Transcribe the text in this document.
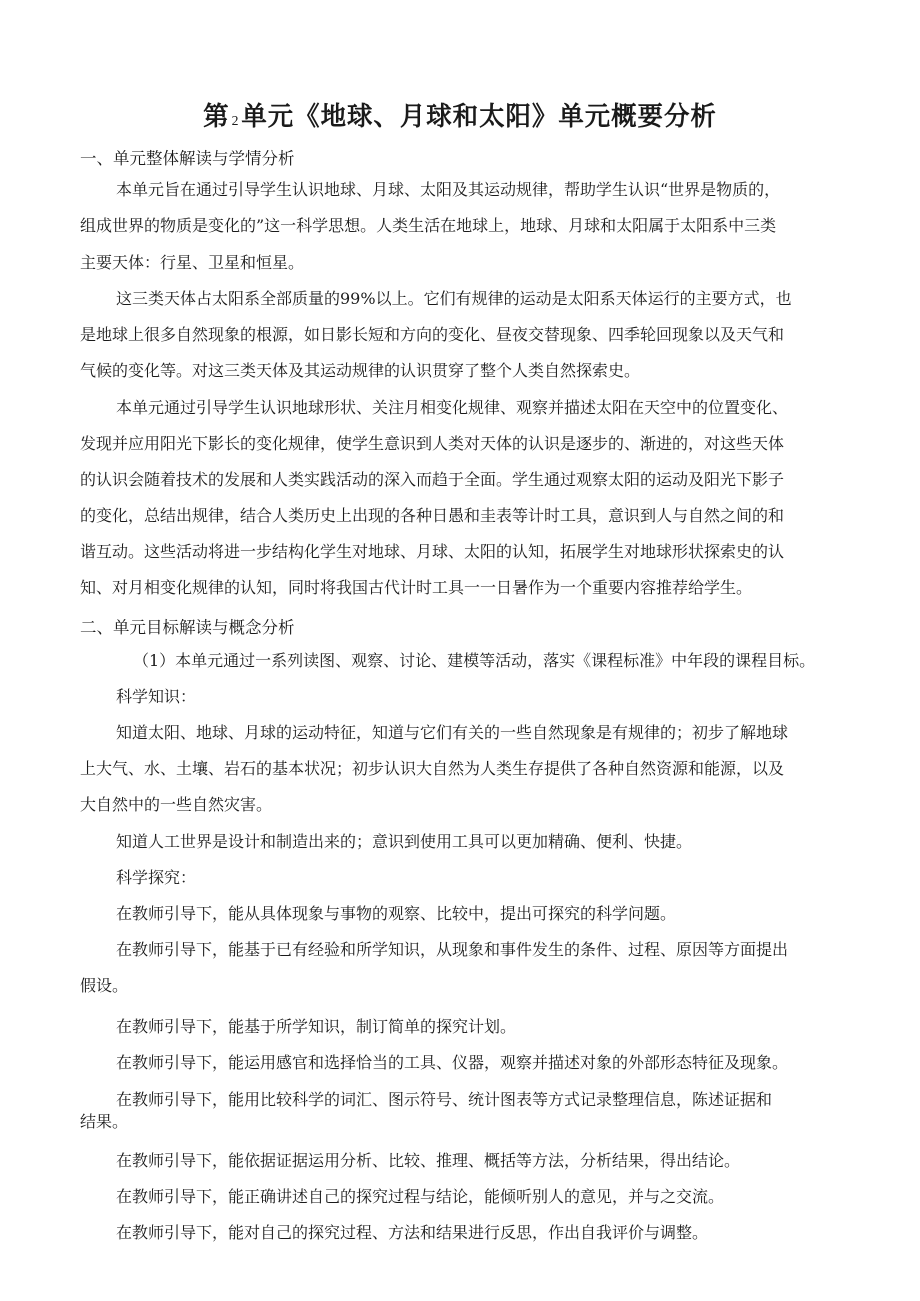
第 2单元《地球、月球和太阳》单元概要分析
一、单元整体解读与学情分析
本单元旨在通过引导学生认识地球、月球、太阳及其运动规律，帮助学生认识“世界是物质的，
组成世界的物质是变化的”这一科学思想。人类生活在地球上，地球、月球和太阳属于太阳系中三类
主要天体：行星、卫星和恒星。
这三类天体占太阳系全部质量的99%以上。它们有规律的运动是太阳系天体运行的主要方式，也
是地球上很多自然现象的根源，如日影长短和方向的变化、昼夜交替现象、四季轮回现象以及天气和
气候的变化等。对这三类天体及其运动规律的认识贯穿了整个人类自然探索史。
本单元通过引导学生认识地球形状、关注月相变化规律、观察并描述太阳在天空中的位置变化、
发现并应用阳光下影长的变化规律，使学生意识到人类对天体的认识是逐步的、渐进的，对这些天体
的认识会随着技术的发展和人类实践活动的深入而趋于全面。学生通过观察太阳的运动及阳光下影子
的变化，总结出规律，结合人类历史上出现的各种日愚和圭表等计时工具，意识到人与自然之间的和
谐互动。这些活动将进一步结构化学生对地球、月球、太阳的认知，拓展学生对地球形状探索史的认
知、对月相变化规律的认知，同时将我国古代计时工具一一日暑作为一个重要内容推荐给学生。
二、单元目标解读与概念分析
（1）本单元通过一系列读图、观察、讨论、建模等活动，落实《课程标准》中年段的课程目标。
科学知识：
知道太阳、地球、月球的运动特征，知道与它们有关的一些自然现象是有规律的；初步了解地球
上大气、水、土壤、岩石的基本状况；初步认识大自然为人类生存提供了各种自然资源和能源，以及
大自然中的一些自然灾害。
知道人工世界是设计和制造出来的；意识到使用工具可以更加精确、便利、快捷。
科学探究：
在教师引导下，能从具体现象与事物的观察、比较中，提出可探究的科学问题。
在教师引导下，能基于已有经验和所学知识，从现象和事件发生的条件、过程、原因等方面提出
假设。
在教师引导下，能基于所学知识，制订简单的探究计划。
在教师引导下，能运用感官和选择恰当的工具、仪器，观察并描述对象的外部形态特征及现象。
在教师引导下，能用比较科学的词汇、图示符号、统计图表等方式记录整理信息，陈述证据和
结果。
在教师引导下，能依据证据运用分析、比较、推理、概括等方法，分析结果，得出结论。
在教师引导下，能正确讲述自己的探究过程与结论，能倾听别人的意见，并与之交流。
在教师引导下，能对自己的探究过程、方法和结果进行反思，作出自我评价与调整。
